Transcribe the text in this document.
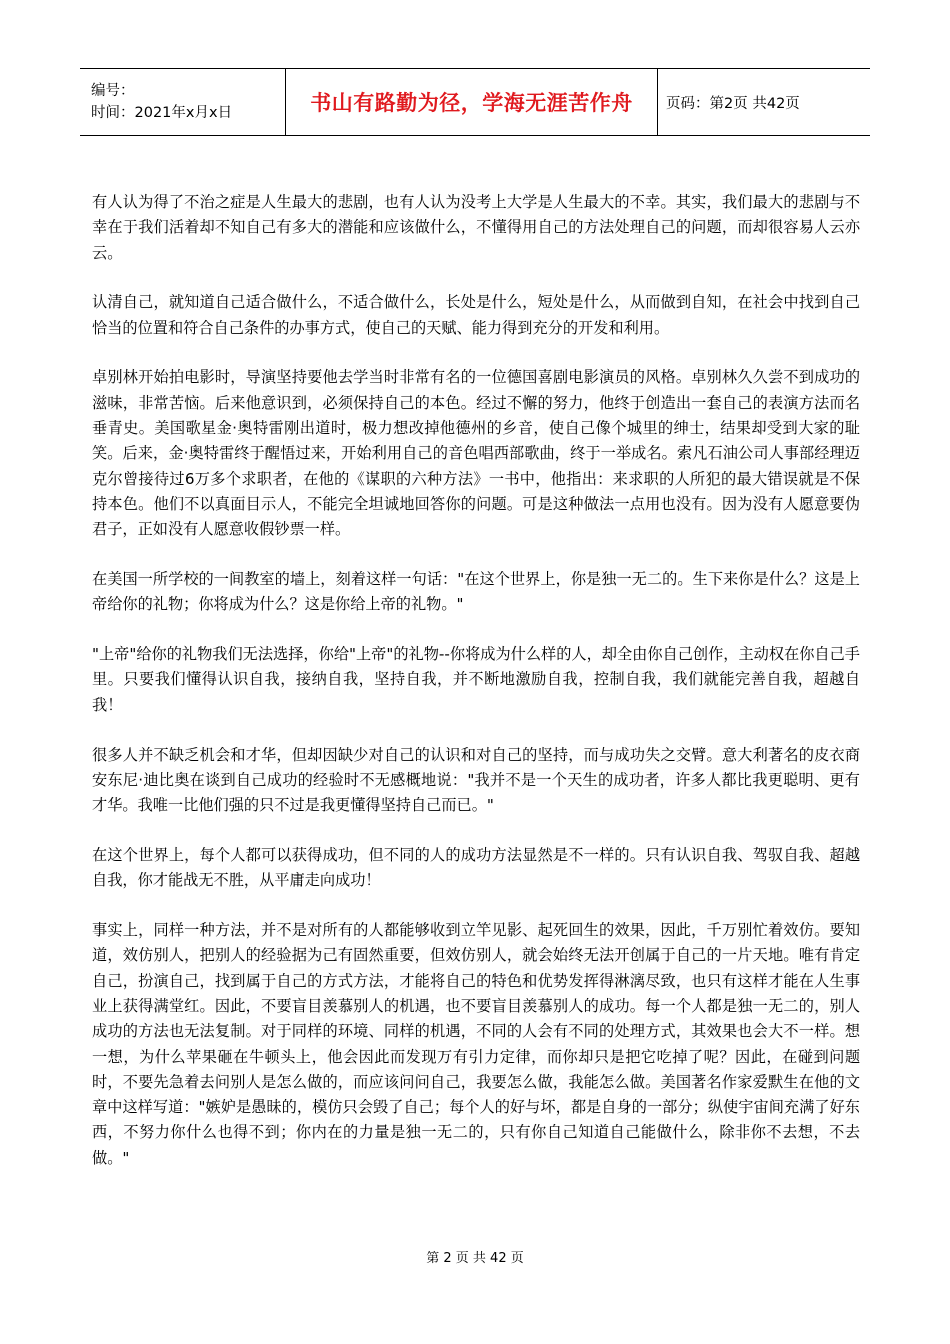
编号：
时间：2021年x月x日	书山有路勤为径，学海无涯苦作舟 页码：第2页 共42页

有人认为得了不治之症是人生最大的悲剧，也有人认为没考上大学是人生最大的不幸。其实，我们最大的悲剧与不幸在于我们活着却不知自己有多大的潜能和应该做什么，不懂得用自己的方法处理自己的问题，而却很容易人云亦云。

认清自己，就知道自己适合做什么，不适合做什么，长处是什么，短处是什么，从而做到自知，在社会中找到自己恰当的位置和符合自己条件的办事方式，使自己的天赋、能力得到充分的开发和利用。

卓别林开始拍电影时，导演坚持要他去学当时非常有名的一位德国喜剧电影演员的风格。卓别林久久尝不到成功的滋味，非常苦恼。后来他意识到，必须保持自己的本色。经过不懈的努力，他终于创造出一套自己的表演方法而名垂青史。美国歌星金·奥特雷刚出道时，极力想改掉他德州的乡音，使自己像个城里的绅士，结果却受到大家的耻笑。后来，金·奥特雷终于醒悟过来，开始利用自己的音色唱西部歌曲，终于一举成名。索凡石油公司人事部经理迈克尔曾接待过6万多个求职者，在他的《谋职的六种方法》一书中，他指出：来求职的人所犯的最大错误就是不保持本色。他们不以真面目示人，不能完全坦诚地回答你的问题。可是这种做法一点用也没有。因为没有人愿意要伪君子，正如没有人愿意收假钞票一样。

在美国一所学校的一间教室的墙上，刻着这样一句话："在这个世界上，你是独一无二的。生下来你是什么？这是上帝给你的礼物；你将成为什么？这是你给上帝的礼物。"

"上帝"给你的礼物我们无法选择，你给"上帝"的礼物--你将成为什么样的人，却全由你自己创作，主动权在你自己手里。只要我们懂得认识自我，接纳自我，坚持自我，并不断地激励自我，控制自我，我们就能完善自我，超越自我！

很多人并不缺乏机会和才华，但却因缺少对自己的认识和对自己的坚持，而与成功失之交臂。意大利著名的皮衣商安东尼·迪比奥在谈到自己成功的经验时不无感概地说："我并不是一个天生的成功者，许多人都比我更聪明、更有才华。我唯一比他们强的只不过是我更懂得坚持自己而已。"

在这个世界上，每个人都可以获得成功，但不同的人的成功方法显然是不一样的。只有认识自我、驾驭自我、超越自我，你才能战无不胜，从平庸走向成功！

事实上，同样一种方法，并不是对所有的人都能够收到立竿见影、起死回生的效果，因此，千万别忙着效仿。要知道，效仿别人，把别人的经验据为己有固然重要，但效仿别人，就会始终无法开创属于自己的一片天地。唯有肯定自己，扮演自己，找到属于自己的方式方法，才能将自己的特色和优势发挥得淋漓尽致，也只有这样才能在人生事业上获得满堂红。因此，不要盲目羡慕别人的机遇，也不要盲目羡慕别人的成功。每一个人都是独一无二的，别人成功的方法也无法复制。对于同样的环境、同样的机遇，不同的人会有不同的处理方式，其效果也会大不一样。想一想，为什么苹果砸在牛顿头上，他会因此而发现万有引力定律，而你却只是把它吃掉了呢？因此，在碰到问题时，不要先急着去问别人是怎么做的，而应该问问自己，我要怎么做，我能怎么做。美国著名作家爱默生在他的文章中这样写道："嫉妒是愚昧的，模仿只会毁了自己；每个人的好与坏，都是自身的一部分；纵使宇宙间充满了好东西，不努力你什么也得不到；你内在的力量是独一无二的，只有你自己知道自己能做什么，除非你不去想，不去做。"

第 2 页 共 42 页
